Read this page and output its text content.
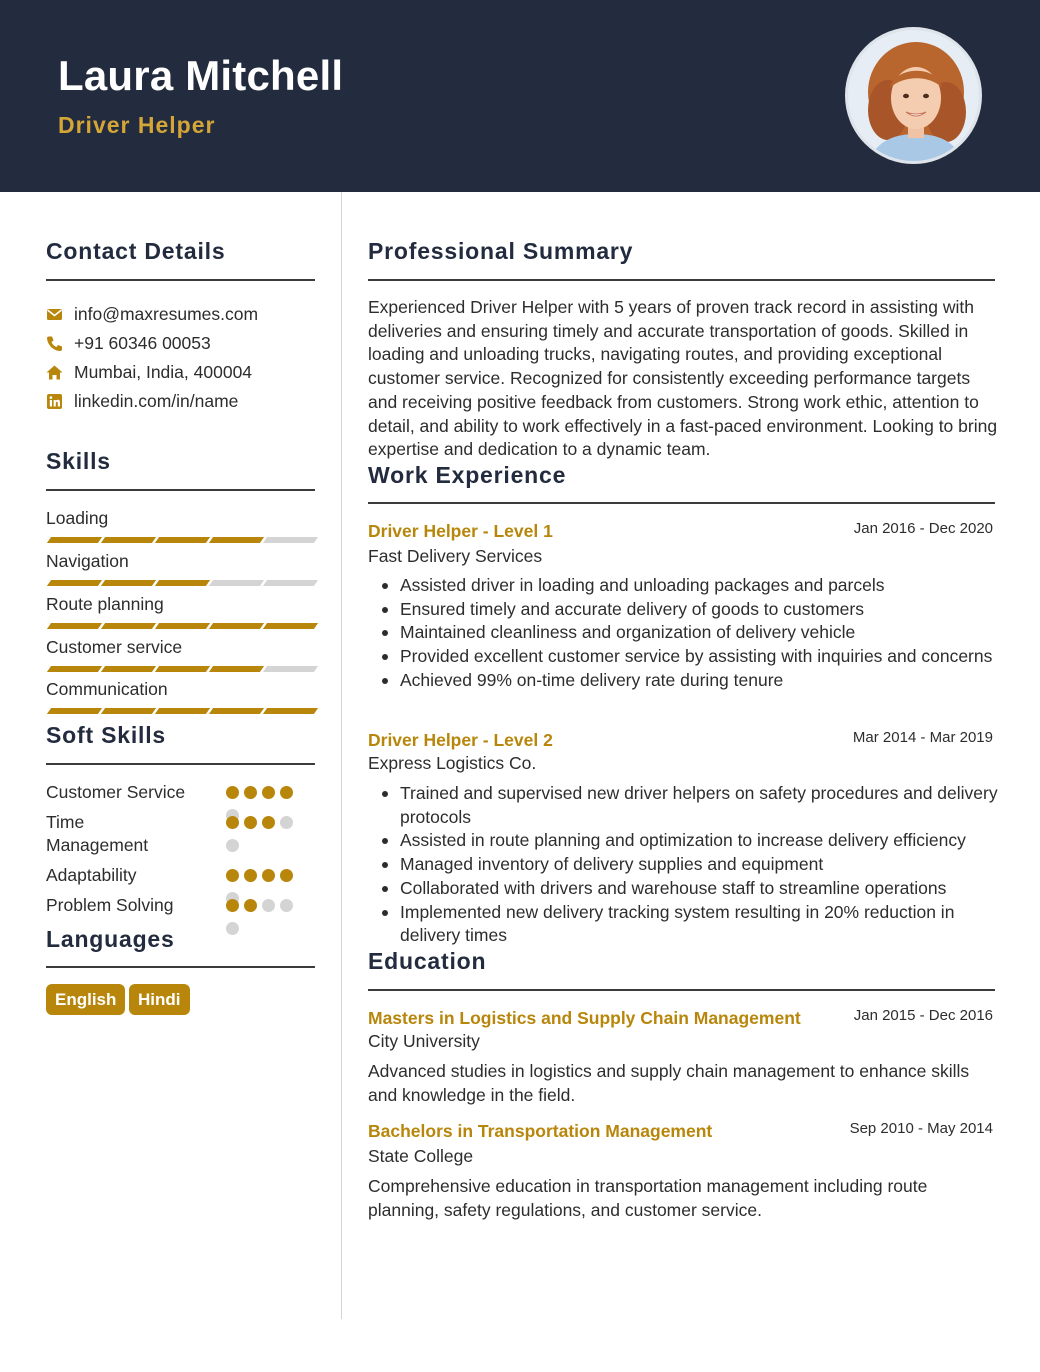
Laura Mitchell
Driver Helper
Contact Details
info@maxresumes.com
+91 60346 00053
Mumbai, India, 400004
linkedin.com/in/name
Skills
Loading
Navigation
Route planning
Customer service
Communication
Soft Skills
Customer Service
Time Management
Adaptability
Problem Solving
Languages
English	Hindi
Professional Summary
Experienced Driver Helper with 5 years of proven track record in assisting with deliveries and ensuring timely and accurate transportation of goods. Skilled in loading and unloading trucks, navigating routes, and providing exceptional customer service. Recognized for consistently exceeding performance targets and receiving positive feedback from customers. Strong work ethic, attention to detail, and ability to work effectively in a fast-paced environment. Looking to bring expertise and dedication to a dynamic team.
Work Experience
Driver Helper - Level 1	Jan 2016 - Dec 2020
Fast Delivery Services
Assisted driver in loading and unloading packages and parcels
Ensured timely and accurate delivery of goods to customers
Maintained cleanliness and organization of delivery vehicle
Provided excellent customer service by assisting with inquiries and concerns
Achieved 99% on-time delivery rate during tenure
Driver Helper - Level 2	Mar 2014 - Mar 2019
Express Logistics Co.
Trained and supervised new driver helpers on safety procedures and delivery protocols
Assisted in route planning and optimization to increase delivery efficiency
Managed inventory of delivery supplies and equipment
Collaborated with drivers and warehouse staff to streamline operations
Implemented new delivery tracking system resulting in 20% reduction in delivery times
Education
Masters in Logistics and Supply Chain Management	Jan 2015 - Dec 2016
City University
Advanced studies in logistics and supply chain management to enhance skills and knowledge in the field.
Bachelors in Transportation Management	Sep 2010 - May 2014
State College
Comprehensive education in transportation management including route planning, safety regulations, and customer service.
